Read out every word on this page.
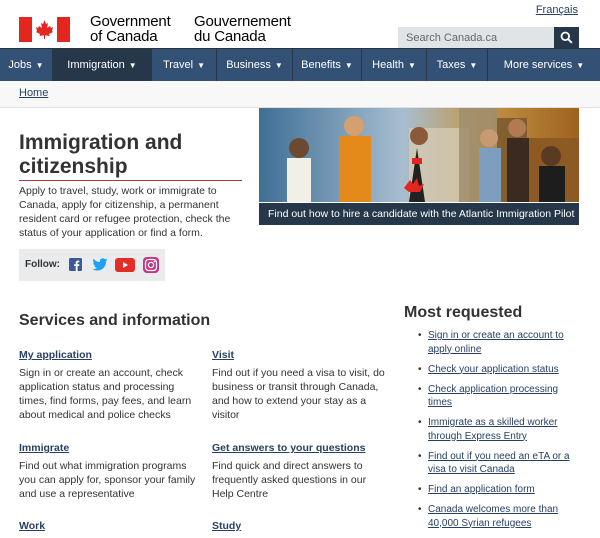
Français
Government
of Canada
Gouvernement
du Canada
Search Canada.ca
Jobs ▼ Immigration ▼ Travel ▼ Business ▼ Benefits ▼ Health ▼ Taxes ▼ More services ▼
Home
Immigration and citizenship

Apply to travel, study, work or immigrate to Canada, apply for citizenship, a permanent resident card or refugee protection, check the status of your application or find a form.

Follow:
Find out how to hire a candidate with the Atlantic Immigration Pilot
Services and information
My application

Sign in or create an account, check application status and processing times, find forms, pay fees, and learn about medical and police checks

Visit

Find out if you need a visa to visit, do business or transit through Canada, and how to extend your stay as a visitor

Immigrate

Find out what immigration programs you can apply for, sponsor your family and use a representative

Get answers to your questions

Find quick and direct answers to frequently asked questions in our Help Centre

Work	Study
Most requested
• Sign in or create an account to apply online
• Check your application status
• Check application processing times
• Immigrate as a skilled worker through Express Entry
• Find out if you need an eTA or a visa to visit Canada
• Find an application form
• Canada welcomes more than 40,000 Syrian refugees
